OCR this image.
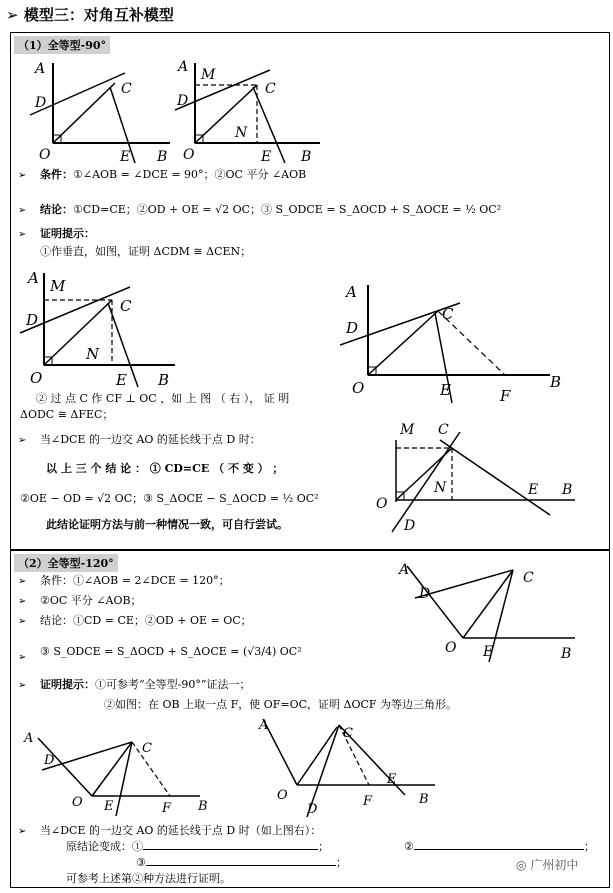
➢ 模型三：对角互补模型
（1）全等型-90°
A
D
C
O	E B
A M
D
C
N
O	E B
➢ 条件：①∠AOB = ∠DCE = 90°；②OC 平分 ∠AOB
➢ 结论：①CD=CE；②OD + OE = √2 OC；③ S_ODCE = S_ΔOCD + S_ΔOCE = ½ OC²
➢ 证明提示：
①作垂直，如图，证明 ΔCDM ≅ ΔCEN；
A M
D
C
N
O	E B
A
D
C
O	E	F
B
② 过 点 C 作 CF ⊥ OC ，如 上 图 （ 右 ）， 证 明
ΔODC ≅ ΔFEC；
➢ 当∠DCE 的一边交 AO 的延长线于点 D 时：
以 上 三 个 结 论 ： ① CD=CE （ 不 变 ） ；
②OE − OD = √2 OC；③ S_ΔOCE − S_ΔOCD = ½ OC²
此结论证明方法与前一种情况一致，可自行尝试。
M C
N	E B
O
D
（2）全等型-120°
➢ 条件：①∠AOB = 2∠DCE = 120°；
➢ ②OC 平分 ∠AOB；
➢ 结论：①CD = CE；②OD + OE = OC；
➢ ③ S_ODCE = S_ΔOCD + S_ΔOCE = (√3/4) OC²
➢ 证明提示：①可参考“全等型-90°”证法一；
②如图：在 OB 上取一点 F，使 OF=OC，证明 ΔOCF 为等边三角形。
A
D
C
O E	B
A
D
C
O E	F B
A
C
O
D
E
F	B
➢ 当∠DCE 的一边交 AO 的延长线于点 D 时（如上图右）：
原结论变成：①	；	②	；
③	；
可参考上述第②种方法进行证明。
◎ 广州初中
